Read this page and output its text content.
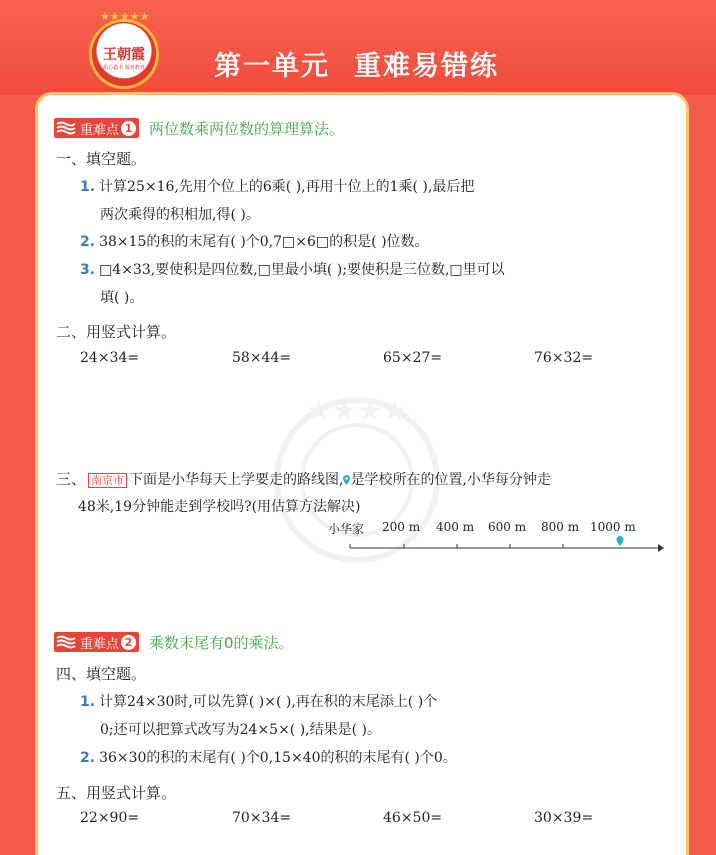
★★★★★
王朝霞
用心做书 服务教育	第一单元 重难易错练
重难点 1 两位数乘两位数的算理算法。
一、填空题。
1. 计算25×16,先用个位上的6乘( ),再用十位上的1乘( ),最后把
两次乘得的积相加,得( )。
2. 38×15的积的末尾有( )个0,7□×6□的积是( )位数。
3. □4×33,要使积是四位数,□里最小填( );要使积是三位数,□里可以
填( )。
二、用竖式计算。
24×34=	58×44=	65×27=	76×32=
三、 南京市 下面是小华每天上学要走的路线图, 是学校所在的位置,小华每分钟走
48米,19分钟能走到学校吗?(用估算方法解决)
小华家 200 m 400 m 600 m 800 m 1000 m
重难点 2 乘数末尾有0的乘法。
四、填空题。
1. 计算24×30时,可以先算( )×( ),再在积的末尾添上( )个
0;还可以把算式改写为24×5×( ),结果是( )。
2. 36×30的积的末尾有( )个0,15×40的积的末尾有( )个0。
五、用竖式计算。
22×90=	70×34=	46×50=	30×39=
